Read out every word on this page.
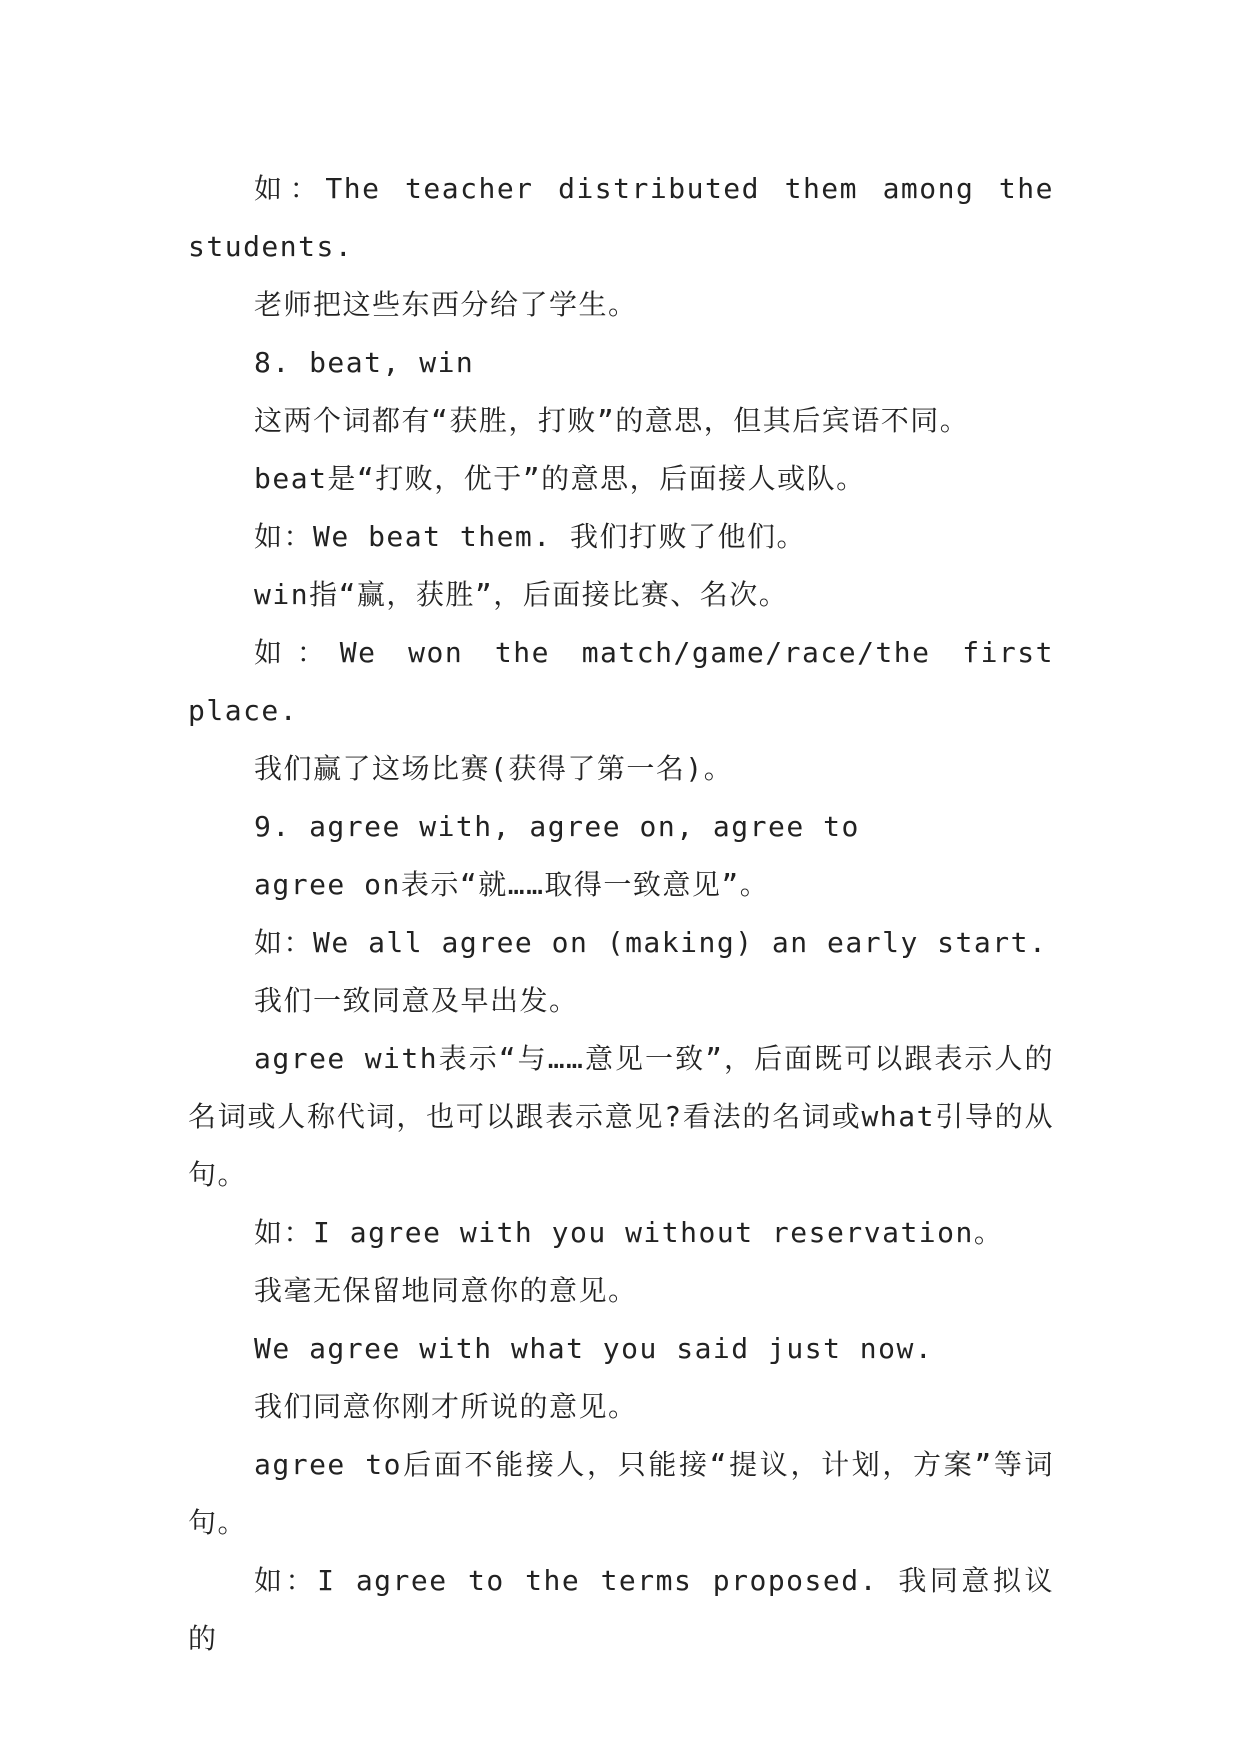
如：The teacher distributed them among the students.

老师把这些东西分给了学生。

8. beat, win

这两个词都有“获胜，打败”的意思，但其后宾语不同。

beat是“打败，优于”的意思，后面接人或队。

如：We beat them. 我们打败了他们。

win指“赢，获胜”，后面接比赛、名次。

如：We won the match/game/race/the first place.

我们赢了这场比赛(获得了第一名)。

9. agree with, agree on, agree to

agree on表示“就……取得一致意见”。

如：We all agree on (making) an early start.

我们一致同意及早出发。

agree with表示“与……意见一致”，后面既可以跟表示人的名词或人称代词，也可以跟表示意见?看法的名词或what引导的从句。

如：I agree with you without reservation。

我毫无保留地同意你的意见。

We agree with what you said just now.

我们同意你刚才所说的意见。

agree to后面不能接人，只能接“提议，计划，方案”等词句。

如：I agree to the terms proposed. 我同意拟议的
